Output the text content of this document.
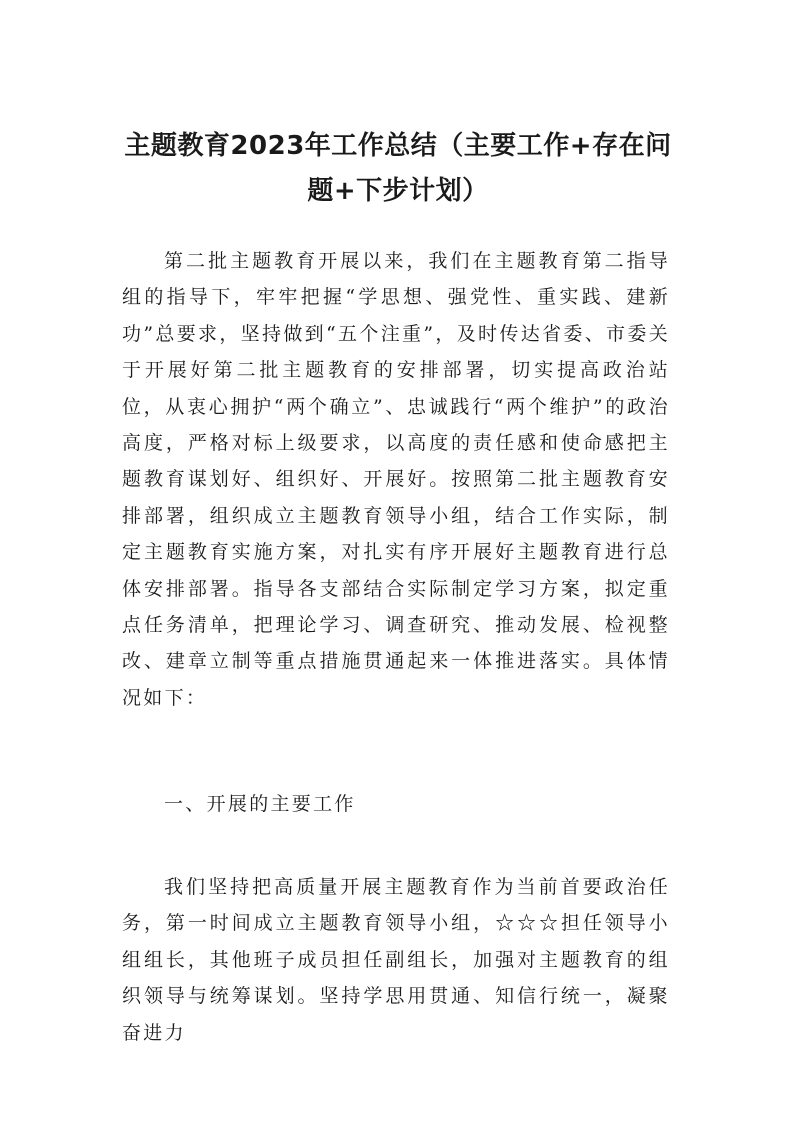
主题教育2023年工作总结（主要工作+存在问题+下步计划）

第二批主题教育开展以来，我们在主题教育第二指导组的指导下，牢牢把握“学思想、强党性、重实践、建新功”总要求，坚持做到“五个注重”，及时传达省委、市委关于开展好第二批主题教育的安排部署，切实提高政治站位，从衷心拥护“两个确立”、忠诚践行“两个维护”的政治高度，严格对标上级要求，以高度的责任感和使命感把主题教育谋划好、组织好、开展好。按照第二批主题教育安排部署，组织成立主题教育领导小组，结合工作实际，制定主题教育实施方案，对扎实有序开展好主题教育进行总体安排部署。指导各支部结合实际制定学习方案，拟定重点任务清单，把理论学习、调查研究、推动发展、检视整改、建章立制等重点措施贯通起来一体推进落实。具体情况如下：

一、开展的主要工作

我们坚持把高质量开展主题教育作为当前首要政治任务，第一时间成立主题教育领导小组，☆☆☆担任领导小组组长，其他班子成员担任副组长，加强对主题教育的组织领导与统筹谋划。坚持学思用贯通、知信行统一，凝聚奋进力
